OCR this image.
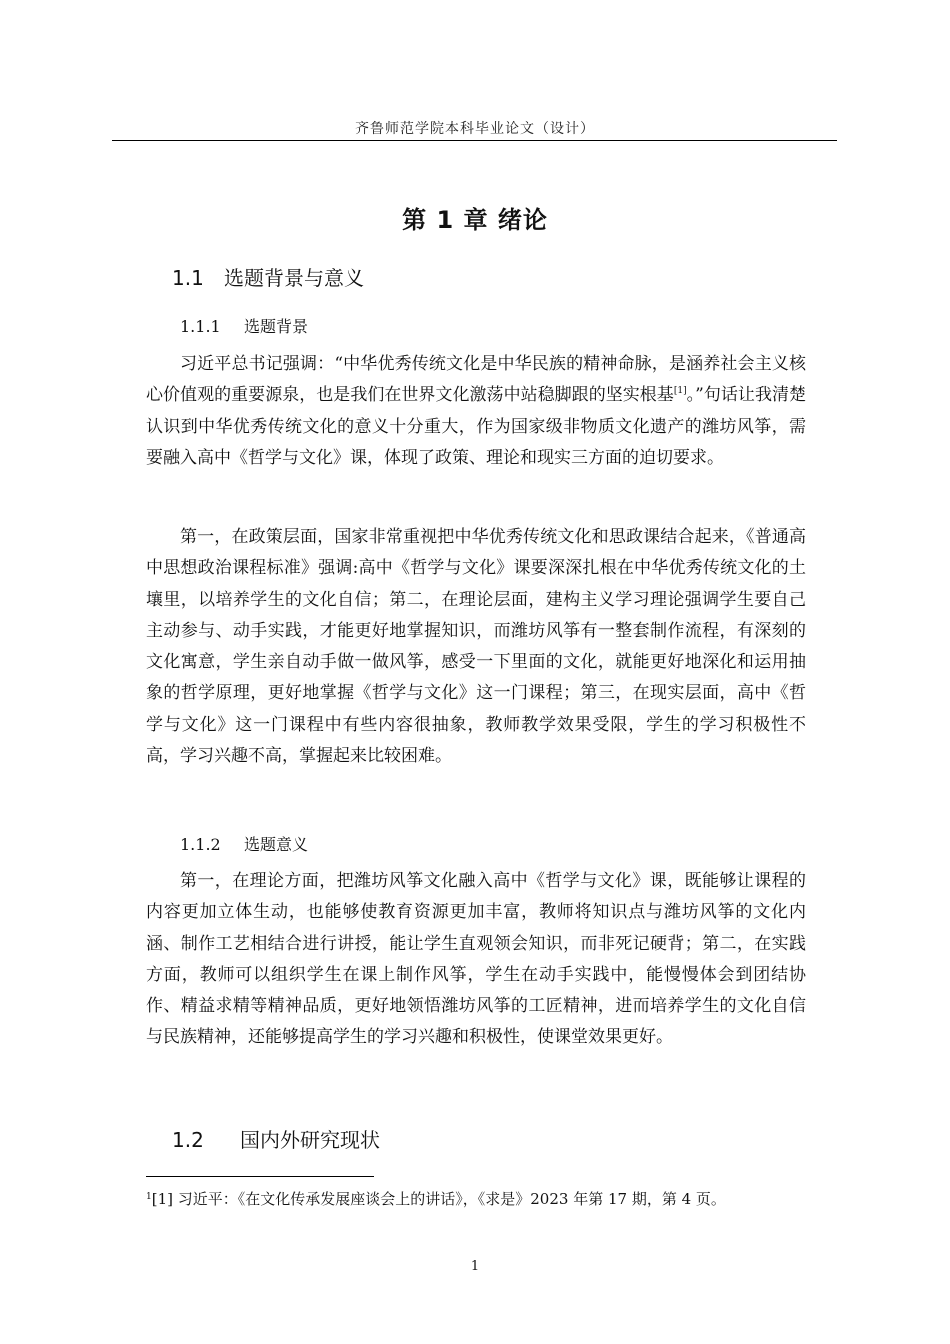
齐鲁师范学院本科毕业论文（设计）
第 1 章 绪论
1.1 选题背景与意义
1.1.1 选题背景

习近平总书记强调：“中华优秀传统文化是中华民族的精神命脉，是涵养社会主义核心价值观的重要源泉，也是我们在世界文化激荡中站稳脚跟的坚实根基[1]。”句话让我清楚认识到中华优秀传统文化的意义十分重大，作为国家级非物质文化遗产的潍坊风筝，需要融入高中《哲学与文化》课，体现了政策、理论和现实三方面的迫切要求。

第一，在政策层面，国家非常重视把中华优秀传统文化和思政课结合起来，《普通高中思想政治课程标准》强调:高中《哲学与文化》课要深深扎根在中华优秀传统文化的土壤里，以培养学生的文化自信；第二，在理论层面，建构主义学习理论强调学生要自己主动参与、动手实践，才能更好地掌握知识，而潍坊风筝有一整套制作流程，有深刻的文化寓意，学生亲自动手做一做风筝，感受一下里面的文化，就能更好地深化和运用抽象的哲学原理，更好地掌握《哲学与文化》这一门课程；第三，在现实层面，高中《哲学与文化》这一门课程中有些内容很抽象，教师教学效果受限，学生的学习积极性不高，学习兴趣不高，掌握起来比较困难。

1.1.2 选题意义

第一，在理论方面，把潍坊风筝文化融入高中《哲学与文化》课，既能够让课程的内容更加立体生动，也能够使教育资源更加丰富，教师将知识点与潍坊风筝的文化内涵、制作工艺相结合进行讲授，能让学生直观领会知识，而非死记硬背；第二，在实践方面，教师可以组织学生在课上制作风筝，学生在动手实践中，能慢慢体会到团结协作、精益求精等精神品质，更好地领悟潍坊风筝的工匠精神，进而培养学生的文化自信与民族精神，还能够提高学生的学习兴趣和积极性，使课堂效果更好。

1.2 国内外研究现状

$^1$[1] 习近平：《在文化传承发展座谈会上的讲话》，《求是》2023 年第 17 期，第 4 页。

1
